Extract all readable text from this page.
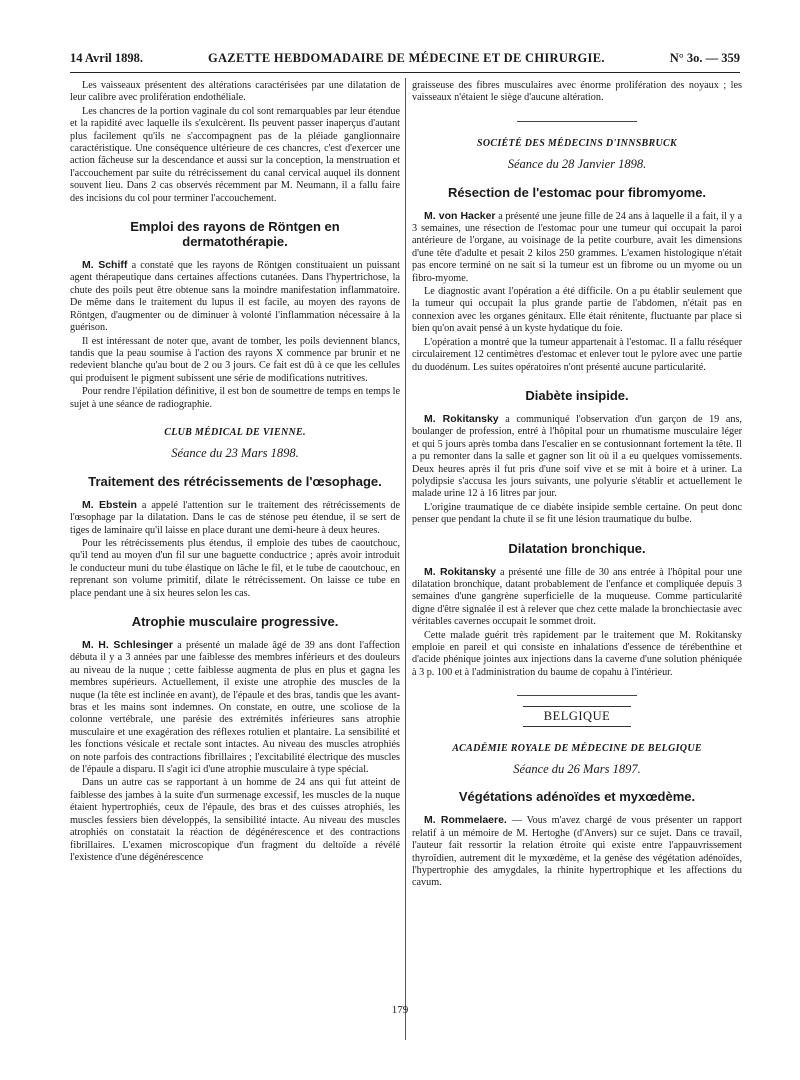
14 Avril 1898.	GAZETTE HEBDOMADAIRE DE MÉDECINE ET DE CHIRURGIE.	N° 3o. — 359

Les vaisseaux présentent des altérations caractérisées par une dilatation de leur calibre avec prolifération endothéliale.

Les chancres de la portion vaginale du col sont remarquables par leur étendue et la rapidité avec laquelle ils s'exulcèrent. Ils peuvent passer inaperçus d'autant plus facilement qu'ils ne s'accompagnent pas de la pléiade ganglionnaire caractéristique. Une conséquence ultérieure de ces chancres, c'est d'exercer une action fâcheuse sur la descendance et aussi sur la conception, la menstruation et l'accouchement par suite du rétrécissement du canal cervical auquel ils donnent souvent lieu. Dans 2 cas observés récemment par M. Neumann, il a fallu faire des incisions du col pour terminer l'accouchement.

Emploi des rayons de Röntgen en dermatothérapie.

M. Schiff a constaté que les rayons de Röntgen constituaient un puissant agent thérapeutique dans certaines affections cutanées. Dans l'hypertrichose, la chute des poils peut être obtenue sans la moindre manifestation inflammatoire. De même dans le traitement du lupus il est facile, au moyen des rayons de Röntgen, d'augmenter ou de diminuer à volonté l'inflammation nécessaire à la guérison.

Il est intéressant de noter que, avant de tomber, les poils deviennent blancs, tandis que la peau soumise à l'action des rayons X commence par brunir et ne redevient blanche qu'au bout de 2 ou 3 jours. Ce fait est dû à ce que les cellules qui produisent le pigment subissent une série de modifications nutritives.

Pour rendre l'épilation définitive, il est bon de soumettre de temps en temps le sujet à une séance de radiographie.

CLUB MÉDICAL DE VIENNE.
Séance du 23 Mars 1898.
Traitement des rétrécissements de l'œsophage.

M. Ebstein a appelé l'attention sur le traitement des rétrécissements de l'œsophage par la dilatation. Dans le cas de sténose peu étendue, il se sert de tiges de laminaire qu'il laisse en place durant une demi-heure à deux heures.

Pour les rétrécissements plus étendus, il emploie des tubes de caoutchouc, qu'il tend au moyen d'un fil sur une baguette conductrice ; après avoir introduit le conducteur muni du tube élastique on lâche le fil, et le tube de caoutchouc, en reprenant son volume primitif, dilate le rétrécissement. On laisse ce tube en place pendant une à six heures selon les cas.

Atrophie musculaire progressive.

M. H. Schlesinger a présenté un malade âgé de 39 ans dont l'affection débuta il y a 3 années par une faiblesse des membres inférieurs et des douleurs au niveau de la nuque ; cette faiblesse augmenta de plus en plus et gagna les membres supérieurs. Actuellement, il existe une atrophie des muscles de la nuque (la tête est inclinée en avant), de l'épaule et des bras, tandis que les avant-bras et les mains sont indemnes. On constate, en outre, une scoliose de la colonne vertébrale, une parésie des extrémités inférieures sans atrophie musculaire et une exagération des réflexes rotulien et plantaire. La sensibilité et les fonctions vésicale et rectale sont intactes. Au niveau des muscles atrophiés on note parfois des contractions fibrillaires ; l'excitabilité électrique des muscles de l'épaule a disparu. Il s'agit ici d'une atrophie musculaire à type spécial.

Dans un autre cas se rapportant à un homme de 24 ans qui fut atteint de faiblesse des jambes à la suite d'un surmenage excessif, les muscles de la nuque étaient hypertrophiés, ceux de l'épaule, des bras et des cuisses atrophiés, les muscles fessiers bien développés, la sensibilité intacte. Au niveau des muscles atrophiés on constatait la réaction de dégénérescence et des contractions fibrillaires. L'examen microscopique d'un fragment du deltoïde a révélé l'existence d'une dégénérescence

graisseuse des fibres musculaires avec énorme prolifération des noyaux ; les vaisseaux n'étaient le siège d'aucune altération.

SOCIÉTÉ DES MÉDECINS D'INNSBRUCK
Séance du 28 Janvier 1898.
Résection de l'estomac pour fibromyome.

M. von Hacker a présenté une jeune fille de 24 ans à laquelle il a fait, il y a 3 semaines, une résection de l'estomac pour une tumeur qui occupait la paroi antérieure de l'organe, au voisinage de la petite courbure, avait les dimensions d'une tête d'adulte et pesait 2 kilos 250 grammes. L'examen histologique n'était pas encore terminé on ne sait si la tumeur est un fibrome ou un myome ou un fibro-myome.

Le diagnostic avant l'opération a été difficile. On a pu établir seulement que la tumeur qui occupait la plus grande partie de l'abdomen, n'était pas en connexion avec les organes génitaux. Elle était rénitente, fluctuante par place si bien qu'on avait pensé à un kyste hydatique du foie.

L'opération a montré que la tumeur appartenait à l'estomac. Il a fallu réséquer circulairement 12 centimètres d'estomac et enlever tout le pylore avec une partie du duodénum. Les suites opératoires n'ont présenté aucune particularité.

Diabète insipide.

M. Rokitansky a communiqué l'observation d'un garçon de 19 ans, boulanger de profession, entré à l'hôpital pour un rhumatisme musculaire léger et qui 5 jours après tomba dans l'escalier en se contusionnant fortement la tête. Il a pu remonter dans la salle et gagner son lit où il a eu quelques vomissements. Deux heures après il fut pris d'une soif vive et se mit à boire et à uriner. La polydipsie s'accusa les jours suivants, une polyurie s'établir et actuellement le malade urine 12 à 16 litres par jour.

L'origine traumatique de ce diabète insipide semble certaine. On peut donc penser que pendant la chute il se fit une lésion traumatique du bulbe.

Dilatation bronchique.

M. Rokitansky a présenté une fille de 30 ans entrée à l'hôpital pour une dilatation bronchique, datant probablement de l'enfance et compliquée depuis 3 semaines d'une gangrène superficielle de la muqueuse. Comme particularité digne d'être signalée il est à relever que chez cette malade la bronchiectasie avec véritables cavernes occupait le sommet droit.

Cette malade guérit très rapidement par le traitement que M. Rokitansky emploie en pareil et qui consiste en inhalations d'essence de térébenthine et d'acide phénique jointes aux injections dans la caverne d'une solution phéniquée à 3 p. 100 et à l'administration du baume de copahu à l'intérieur.

BELGIQUE
ACADÉMIE ROYALE DE MÉDECINE DE BELGIQUE
Séance du 26 Mars 1897.
Végétations adénoïdes et myxœdème.

M. Rommelaere. — Vous m'avez chargé de vous présenter un rapport relatif à un mémoire de M. Hertoghe (d'Anvers) sur ce sujet. Dans ce travail, l'auteur fait ressortir la relation étroite qui existe entre l'appauvrissement thyroïdien, autrement dit le myxœdème, et la genèse des végétation adénoïdes, l'hypertrophie des amygdales, la rhinite hypertrophique et les affections du cavum.

179
